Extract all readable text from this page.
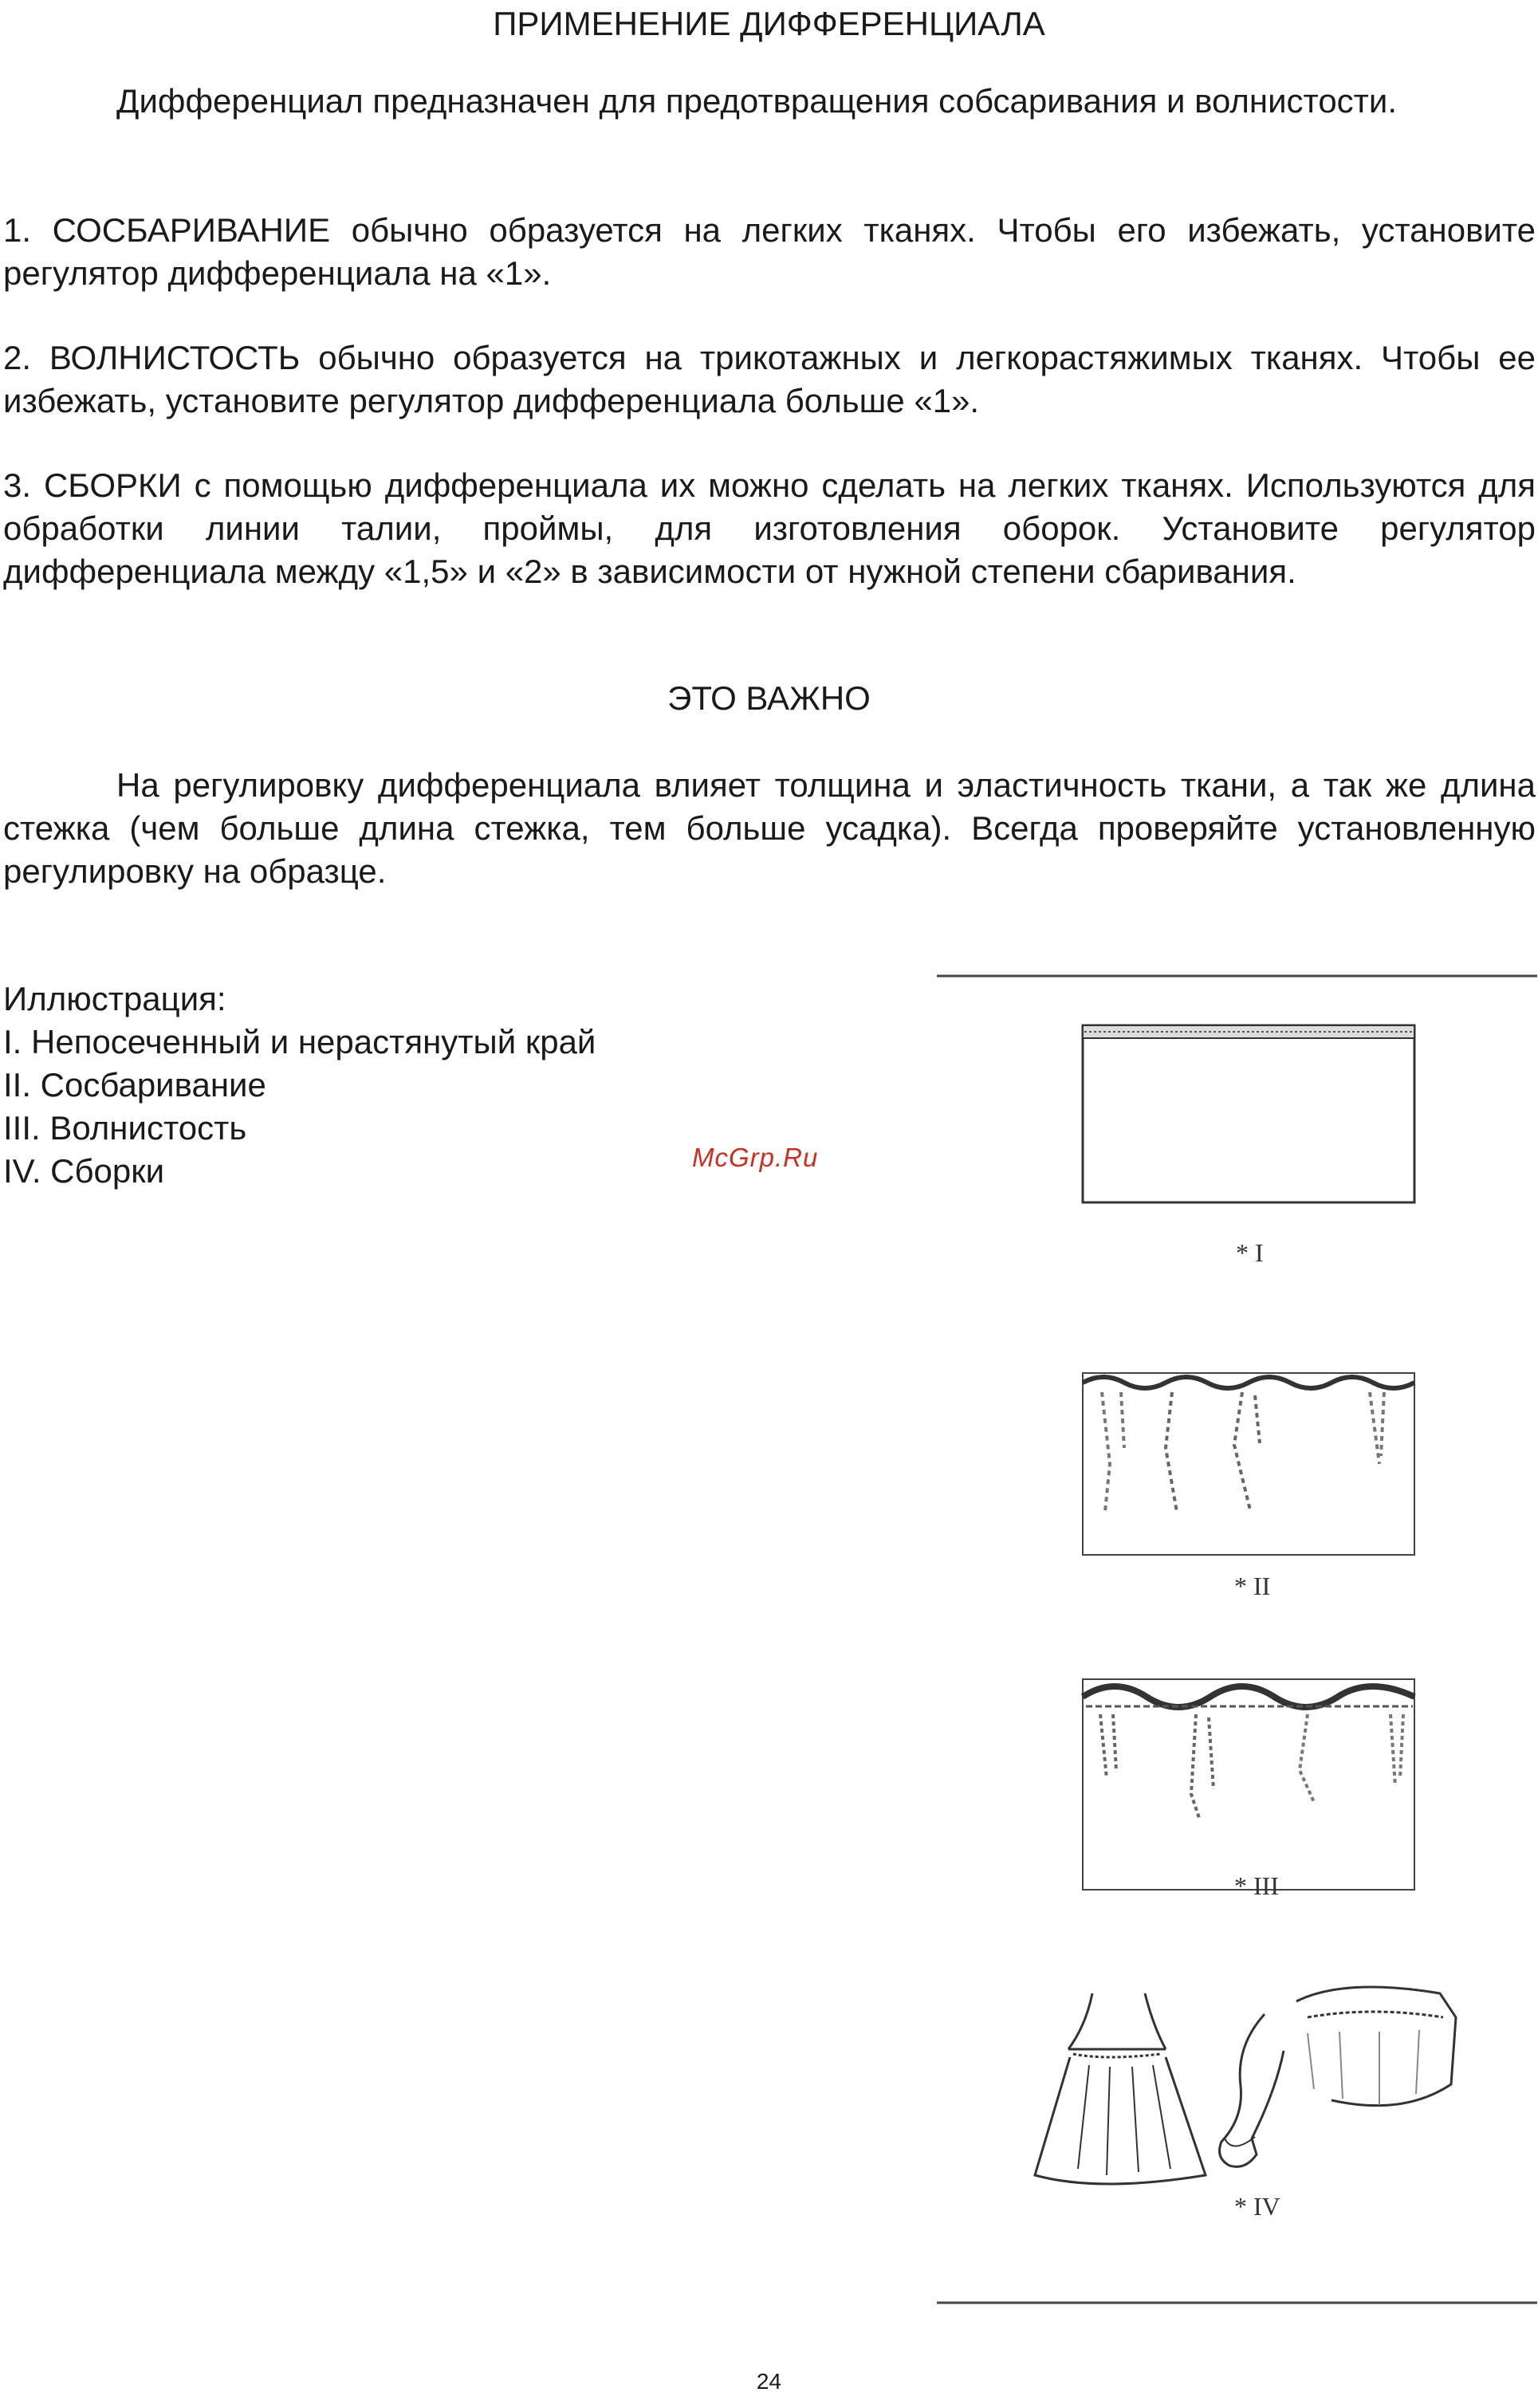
ПРИМЕНЕНИЕ ДИФФЕРЕНЦИАЛА
Дифференциал предназначен для предотвращения собсаривания и волнистости.
1. СОСБАРИВАНИЕ обычно образуется на легких тканях. Чтобы его избежать, установите регулятор дифференциала на «1».
2. ВОЛНИСТОСТЬ обычно образуется на трикотажных и легкорастяжимых тканях. Чтобы ее избежать, установите регулятор дифференциала больше «1».
3. СБОРКИ с помощью дифференциала их можно сделать на легких тканях. Используются для обработки линии талии, проймы, для изготовления оборок. Установите регулятор дифференциала между «1,5» и «2» в зависимости от нужной степени сбаривания.
ЭТО ВАЖНО
На регулировку дифференциала влияет толщина и эластичность ткани, а так же длина стежка (чем больше длина стежка, тем больше усадка). Всегда проверяйте установленную регулировку на образце.
Иллюстрация:
I. Непосеченный и нерастянутый край
II. Сосбаривание
III. Волнистость
IV. Сборки	McGrp.Ru
* I
* II
* III
* IV
24
